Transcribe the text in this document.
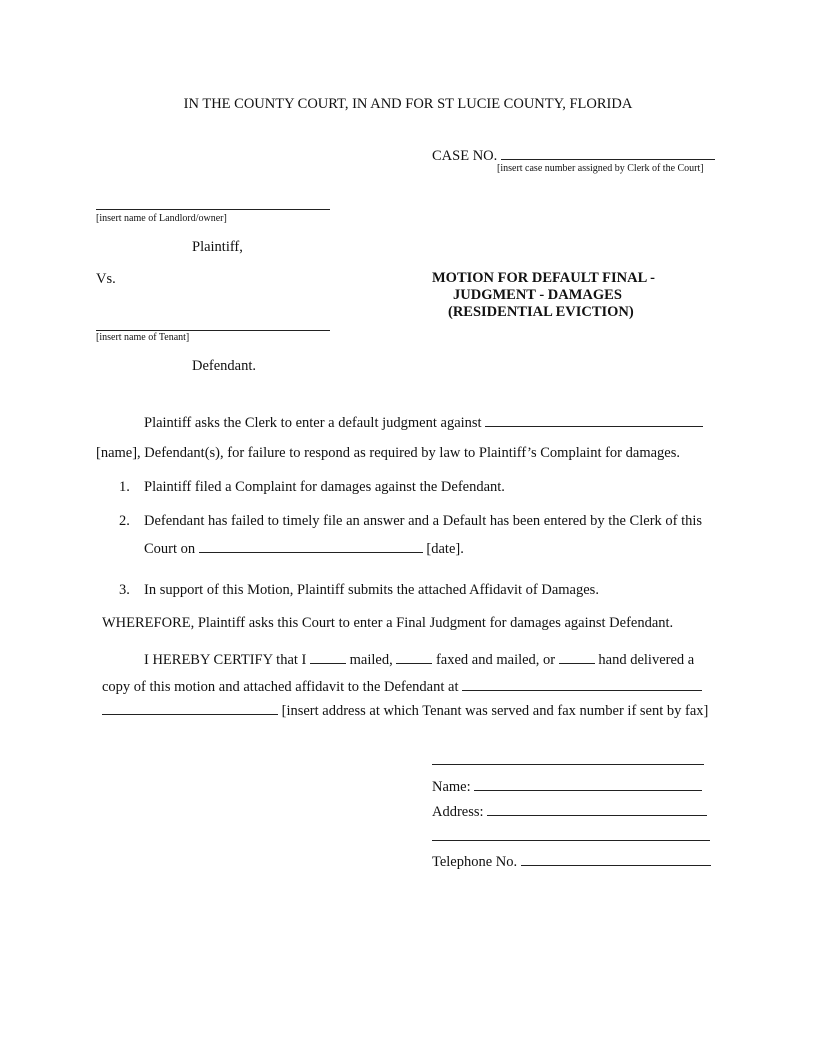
IN THE COUNTY COURT, IN AND FOR ST LUCIE COUNTY, FLORIDA
CASE NO.
[insert case number assigned by Clerk of the Court]
[insert name of Landlord/owner]
Plaintiff,
Vs.	MOTION FOR DEFAULT FINAL -
JUDGMENT - DAMAGES
(RESIDENTIAL EVICTION)
[insert name of Tenant]
Defendant.
Plaintiff asks the Clerk to enter a default judgment against
[name], Defendant(s), for failure to respond as required by law to Plaintiff’s Complaint for damages.
1. Plaintiff filed a Complaint for damages against the Defendant.
2. Defendant has failed to timely file an answer and a Default has been entered by the Clerk of this
Court on	[date].
3. In support of this Motion, Plaintiff submits the attached Affidavit of Damages.
WHEREFORE, Plaintiff asks this Court to enter a Final Judgment for damages against Defendant.
I HEREBY CERTIFY that I	mailed,	faxed and mailed, or	hand delivered a
copy of this motion and attached affidavit to the Defendant at
[insert address at which Tenant was served and fax number if sent by fax]
Name:
Address:
Telephone No.
